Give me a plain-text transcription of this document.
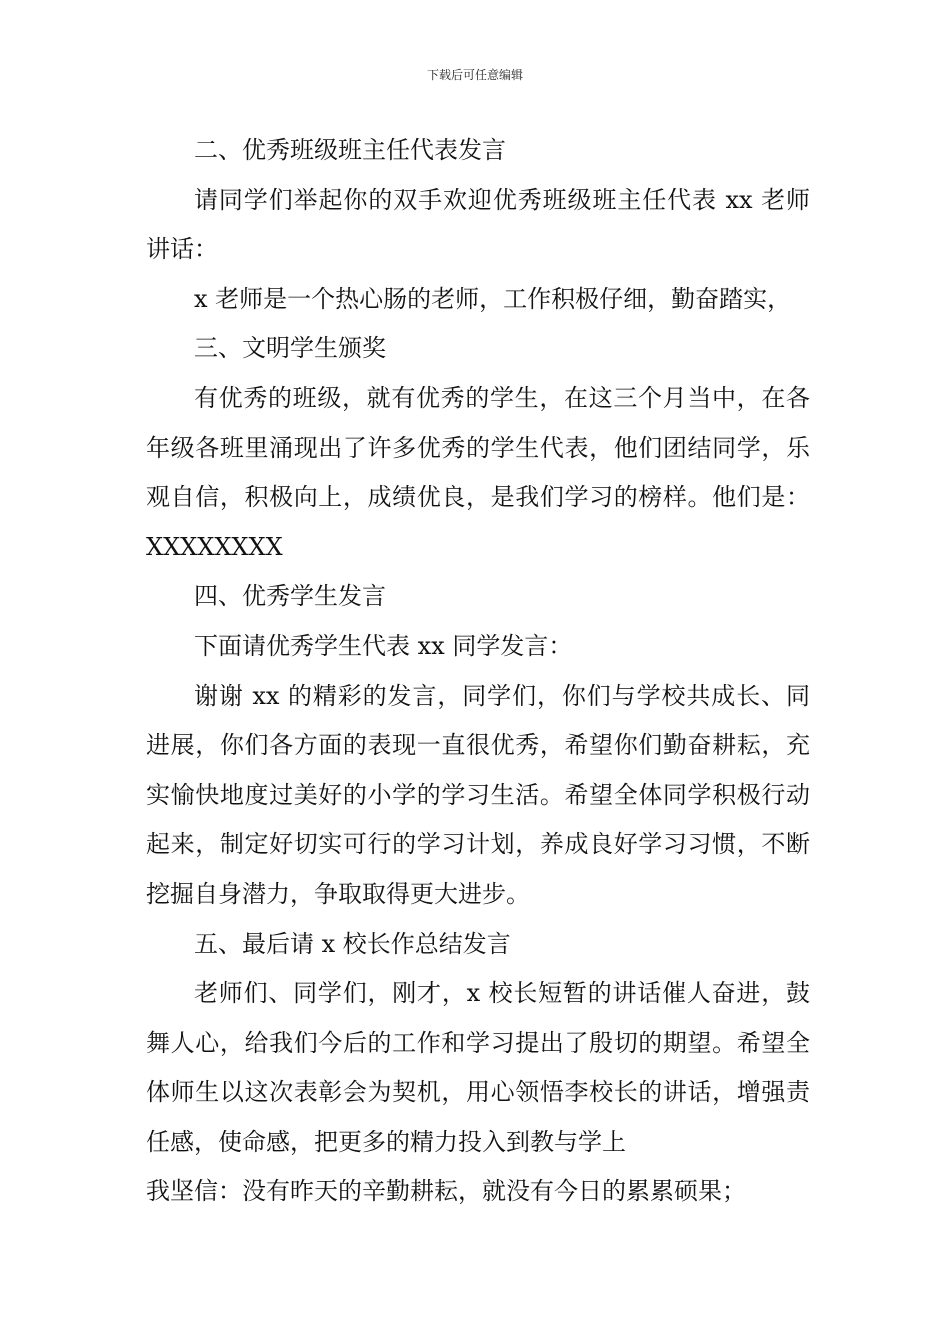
下载后可任意编辑

二、优秀班级班主任代表发言

请同学们举起你的双手欢迎优秀班级班主任代表 xx 老师讲话：

x 老师是一个热心肠的老师，工作积极仔细，勤奋踏实，

三、文明学生颁奖

有优秀的班级，就有优秀的学生，在这三个月当中，在各年级各班里涌现出了许多优秀的学生代表，他们团结同学，乐观自信，积极向上，成绩优良，是我们学习的榜样。他们是：XXXXXXXX

四、优秀学生发言

下面请优秀学生代表 xx 同学发言：

谢谢 xx 的精彩的发言，同学们，你们与学校共成长、同进展，你们各方面的表现一直很优秀，希望你们勤奋耕耘，充实愉快地度过美好的小学的学习生活。希望全体同学积极行动起来，制定好切实可行的学习计划，养成良好学习习惯，不断挖掘自身潜力，争取取得更大进步。

五、最后请 x 校长作总结发言

老师们、同学们，刚才，x 校长短暂的讲话催人奋进，鼓舞人心，给我们今后的工作和学习提出了殷切的期望。希望全体师生以这次表彰会为契机，用心领悟李校长的讲话，增强责任感，使命感，把更多的精力投入到教与学上

我坚信：没有昨天的辛勤耕耘，就没有今日的累累硕果；
